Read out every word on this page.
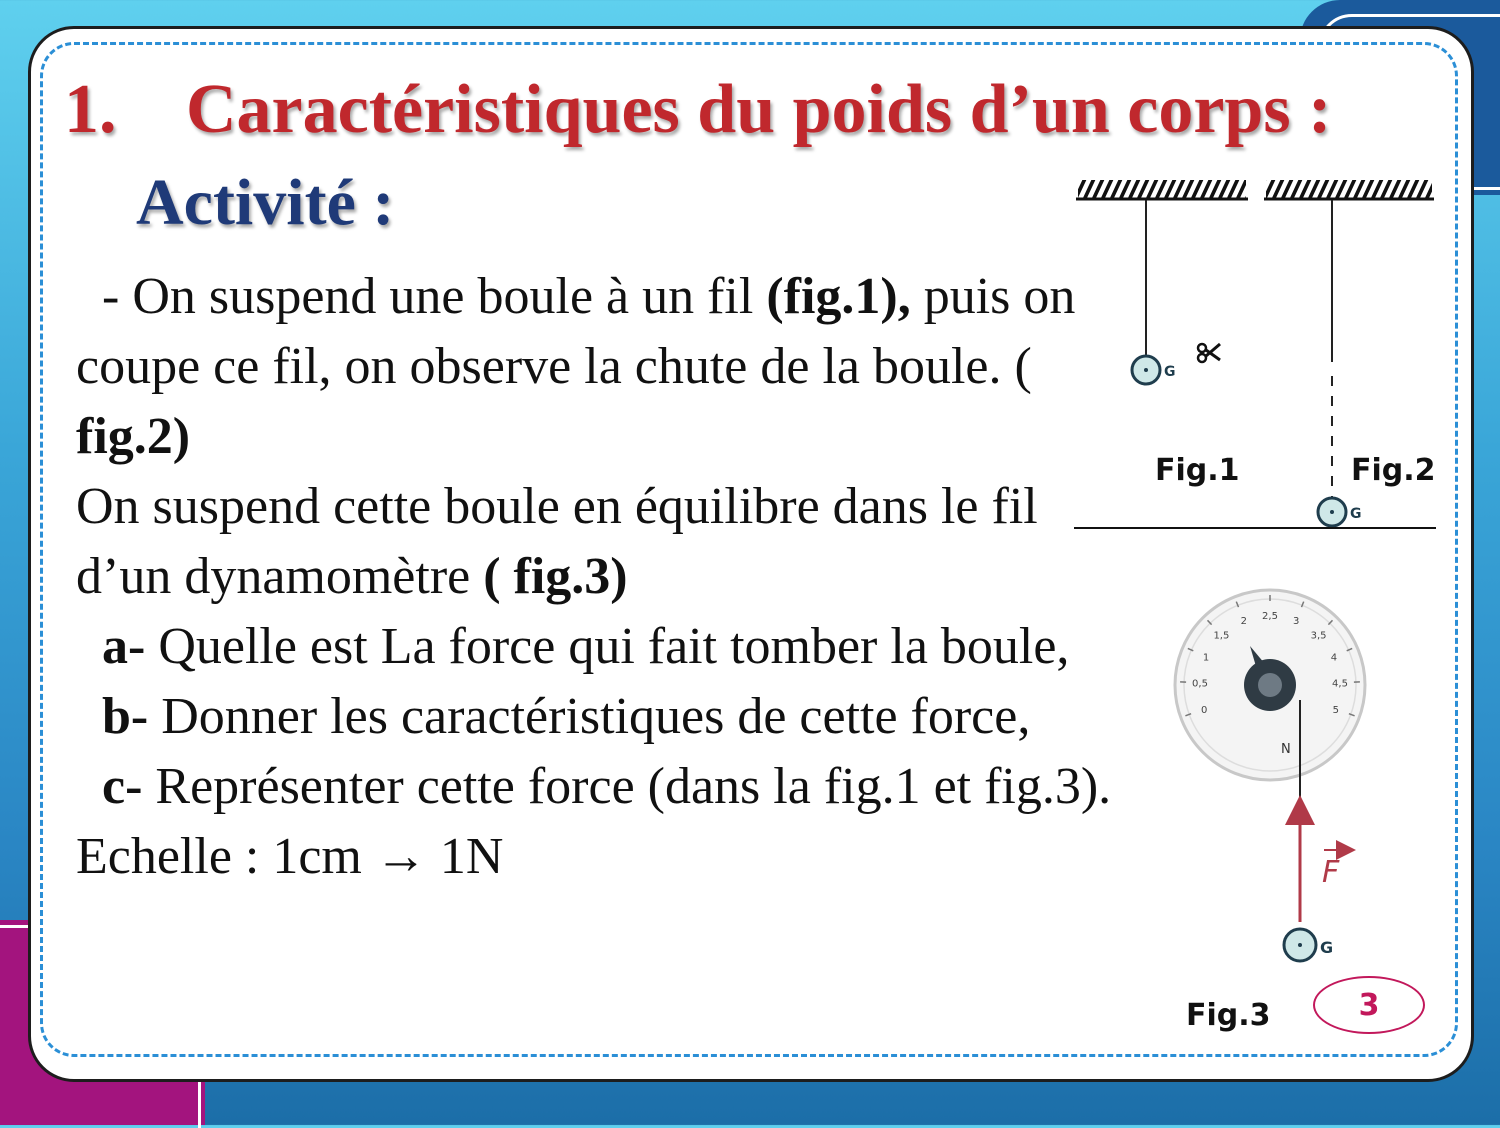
1. Caractéristiques du poids d’un corps :
Activité :
- On suspend une boule à un fil (fig.1), puis on coupe ce fil, on observe la chute de la boule. ( fig.2)
On suspend cette boule en équilibre dans le fil d’un dynamomètre ( fig.3)
a- Quelle est La force qui fait tomber la boule,
b- Donner les caractéristiques de cette force,
c- Représenter cette force (dans la fig.1 et fig.3). Echelle : 1cm → 1N
G
Fig.1
G
Fig.2
0
0,5
1
1,5
2 2,5 3
3,5
4
4,5
5
N
F
G
Fig.3	3
